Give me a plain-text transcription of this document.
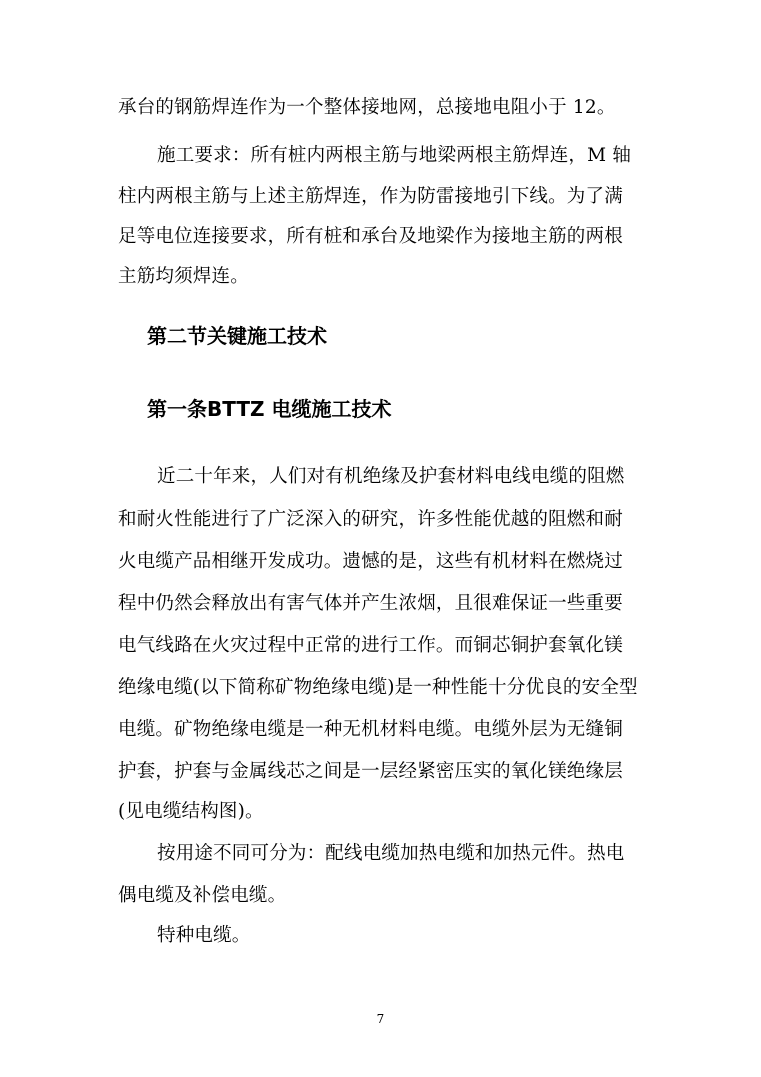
承台的钢筋焊连作为一个整体接地网，总接地电阻小于 12。
施工要求：所有桩内两根主筋与地梁两根主筋焊连，M 轴
柱内两根主筋与上述主筋焊连，作为防雷接地引下线。为了满
足等电位连接要求，所有桩和承台及地梁作为接地主筋的两根
主筋均须焊连。
第二节关键施工技术
第一条BTTZ 电缆施工技术
近二十年来，人们对有机绝缘及护套材料电线电缆的阻燃
和耐火性能进行了广泛深入的研究，许多性能优越的阻燃和耐
火电缆产品相继开发成功。遗憾的是，这些有机材料在燃烧过
程中仍然会释放出有害气体并产生浓烟，且很难保证一些重要
电气线路在火灾过程中正常的进行工作。而铜芯铜护套氧化镁
绝缘电缆(以下简称矿物绝缘电缆)是一种性能十分优良的安全型
电缆。矿物绝缘电缆是一种无机材料电缆。电缆外层为无缝铜
护套，护套与金属线芯之间是一层经紧密压实的氧化镁绝缘层
(见电缆结构图)。
按用途不同可分为：配线电缆加热电缆和加热元件。热电
偶电缆及补偿电缆。
特种电缆。
7
